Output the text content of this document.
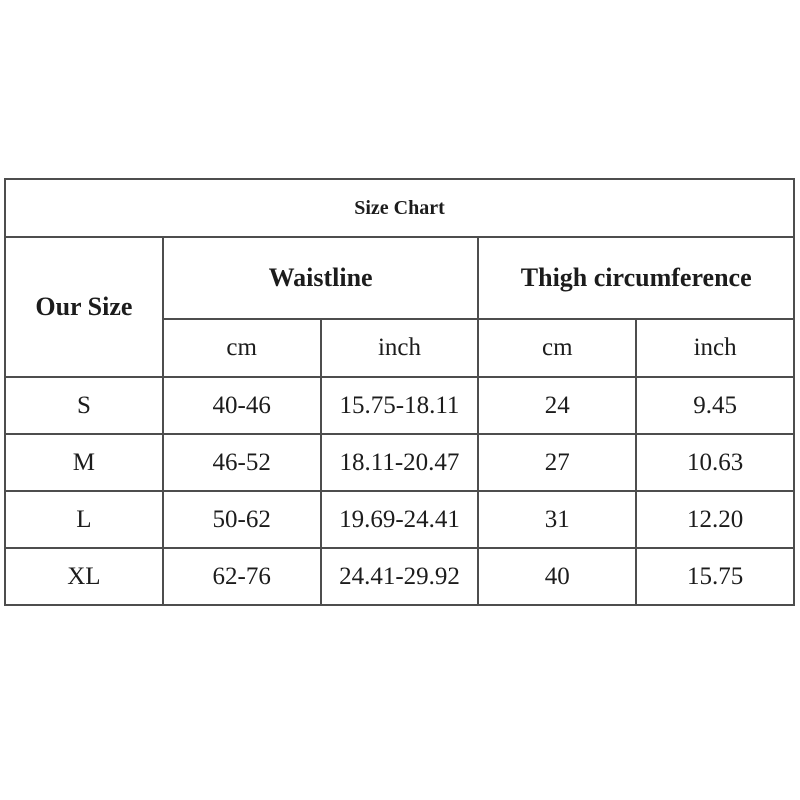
Size Chart				
Our Size	Waistline		Thigh circumference	
	cm	inch	cm	inch
S	40-46	15.75-18.11	24	9.45
M	46-52	18.11-20.47	27	10.63
L	50-62	19.69-24.41	31	12.20
XL	62-76	24.41-29.92	40	15.75
